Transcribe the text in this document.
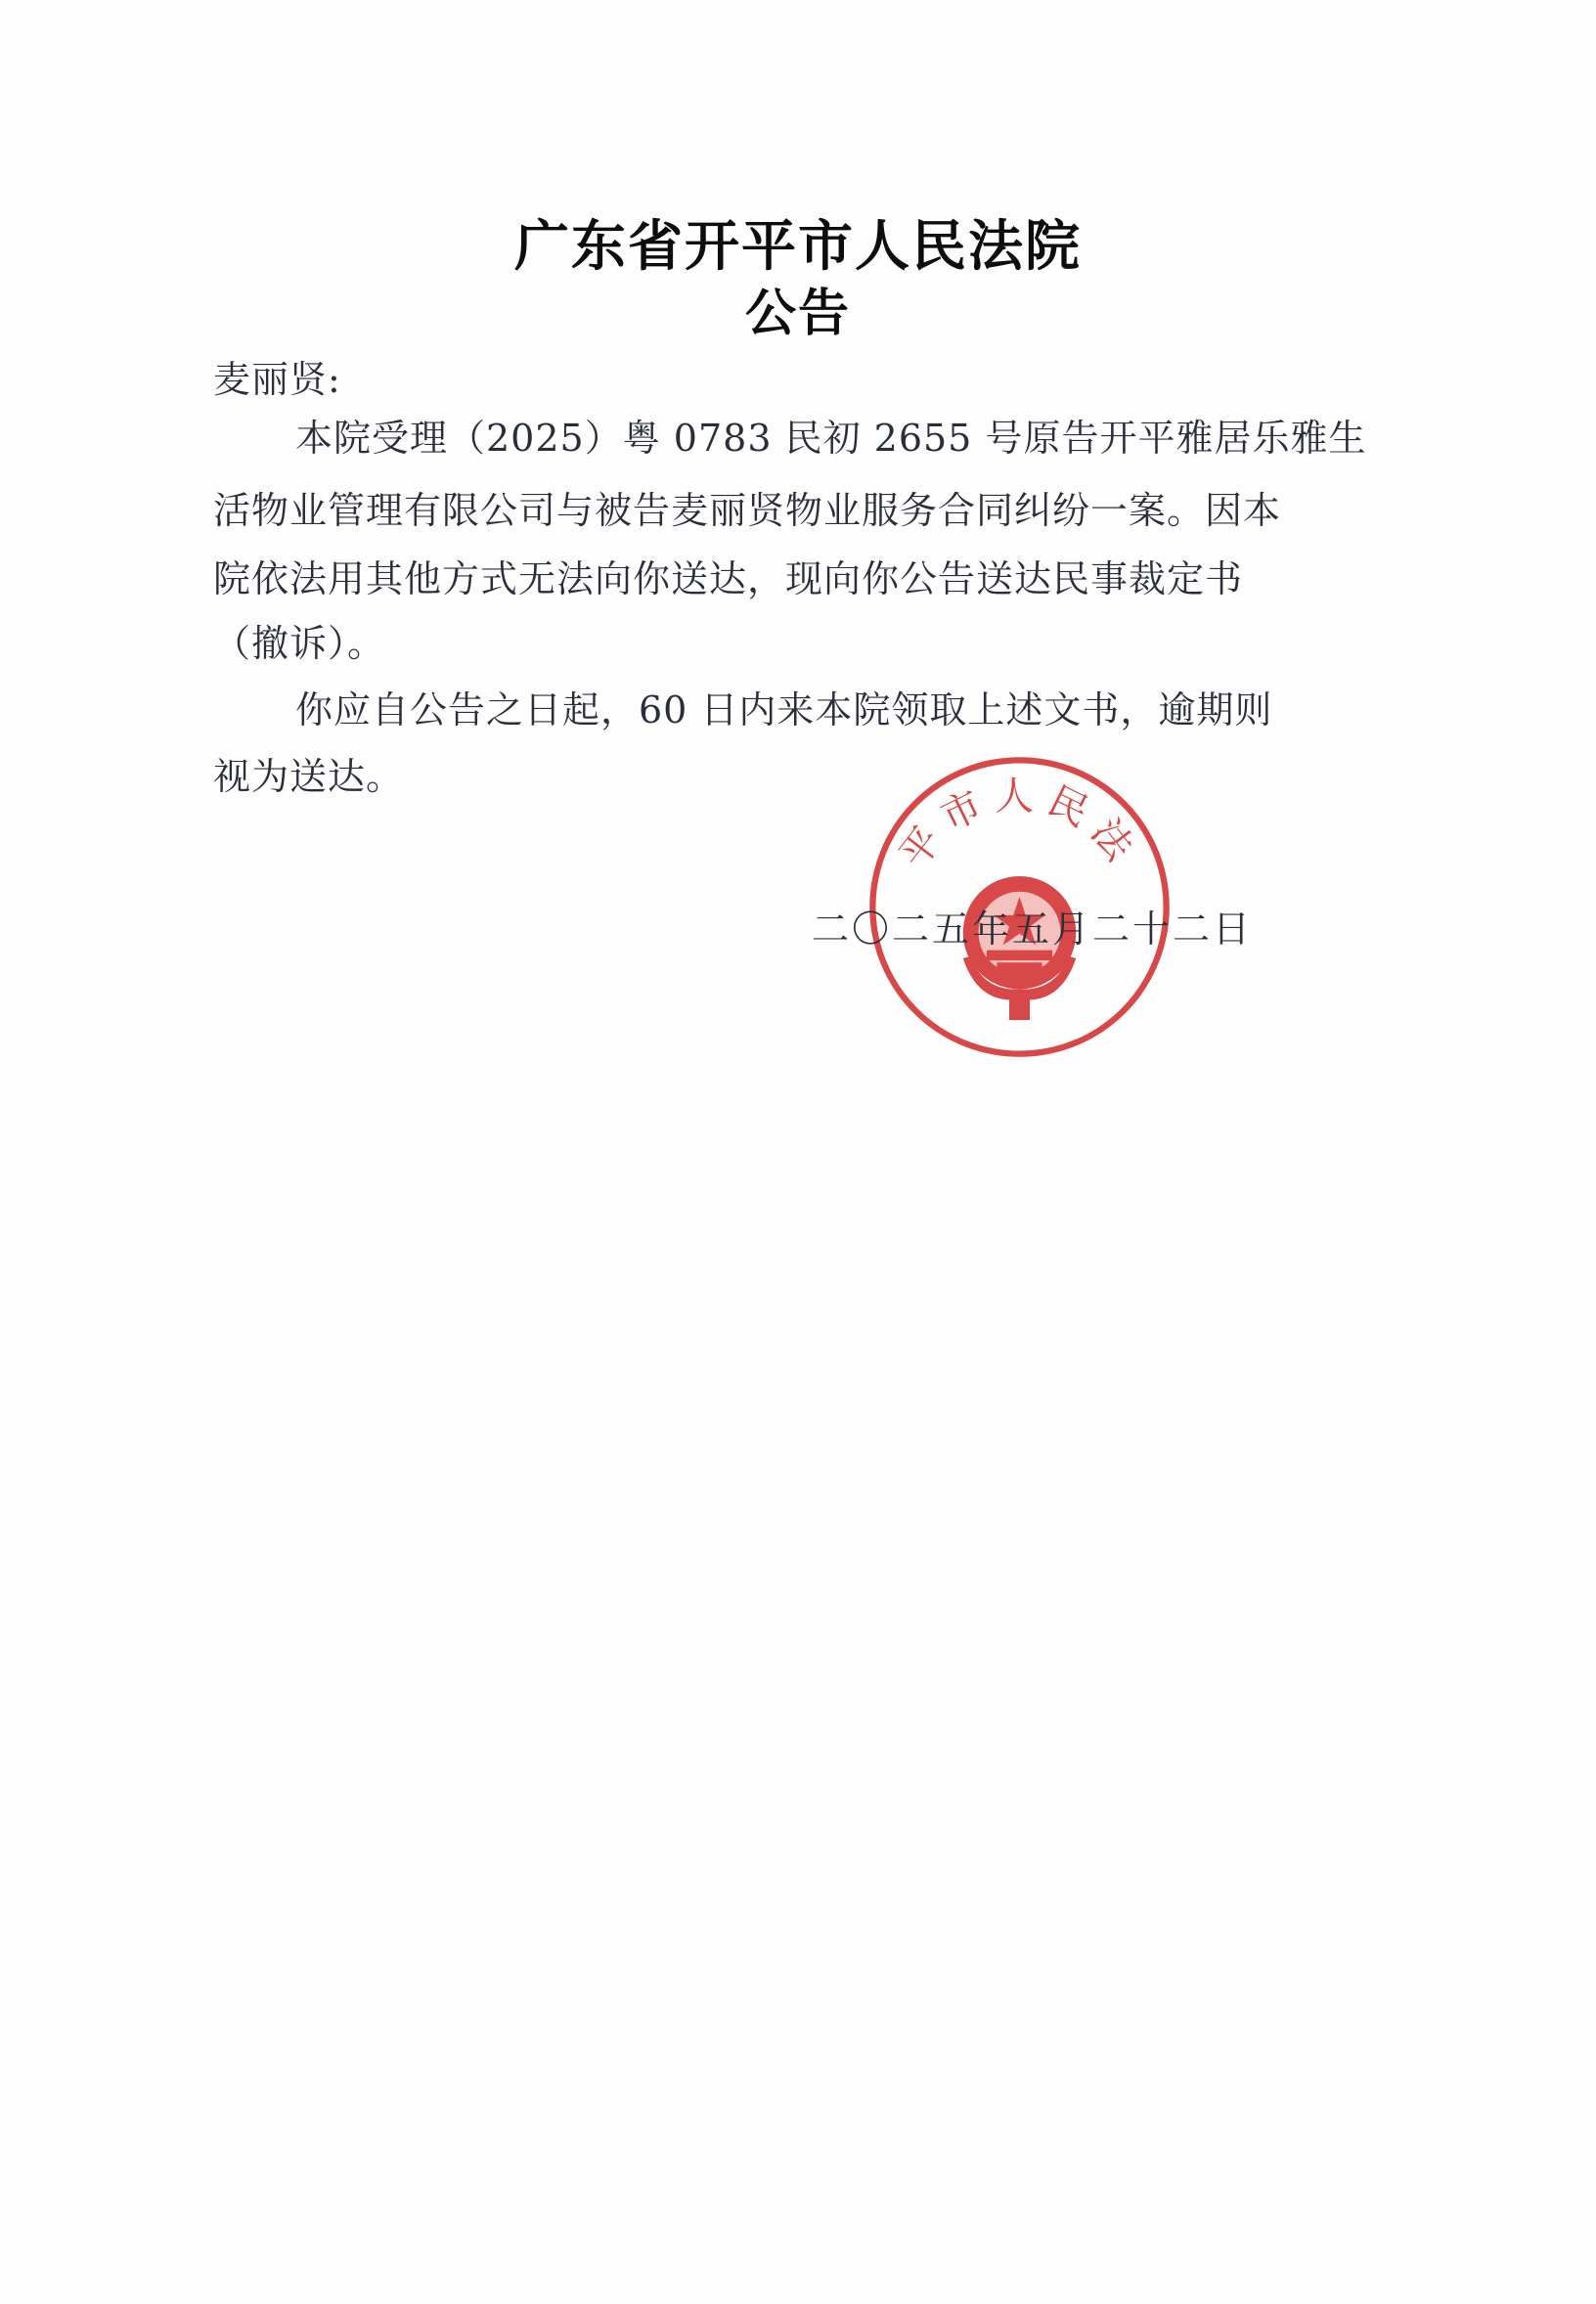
广东省开平市人民法院
公告
麦丽贤:
本院受理（2025）粤 0783 民初 2655 号原告开平雅居乐雅生
活物业管理有限公司与被告麦丽贤物业服务合同纠纷一案。因本
院依法用其他方式无法向你送达，现向你公告送达民事裁定书
（撤诉）。
你应自公告之日起，60 日内来本院领取上述文书，逾期则
视为送达。
平市人民法
二〇二五年五月二十二日
